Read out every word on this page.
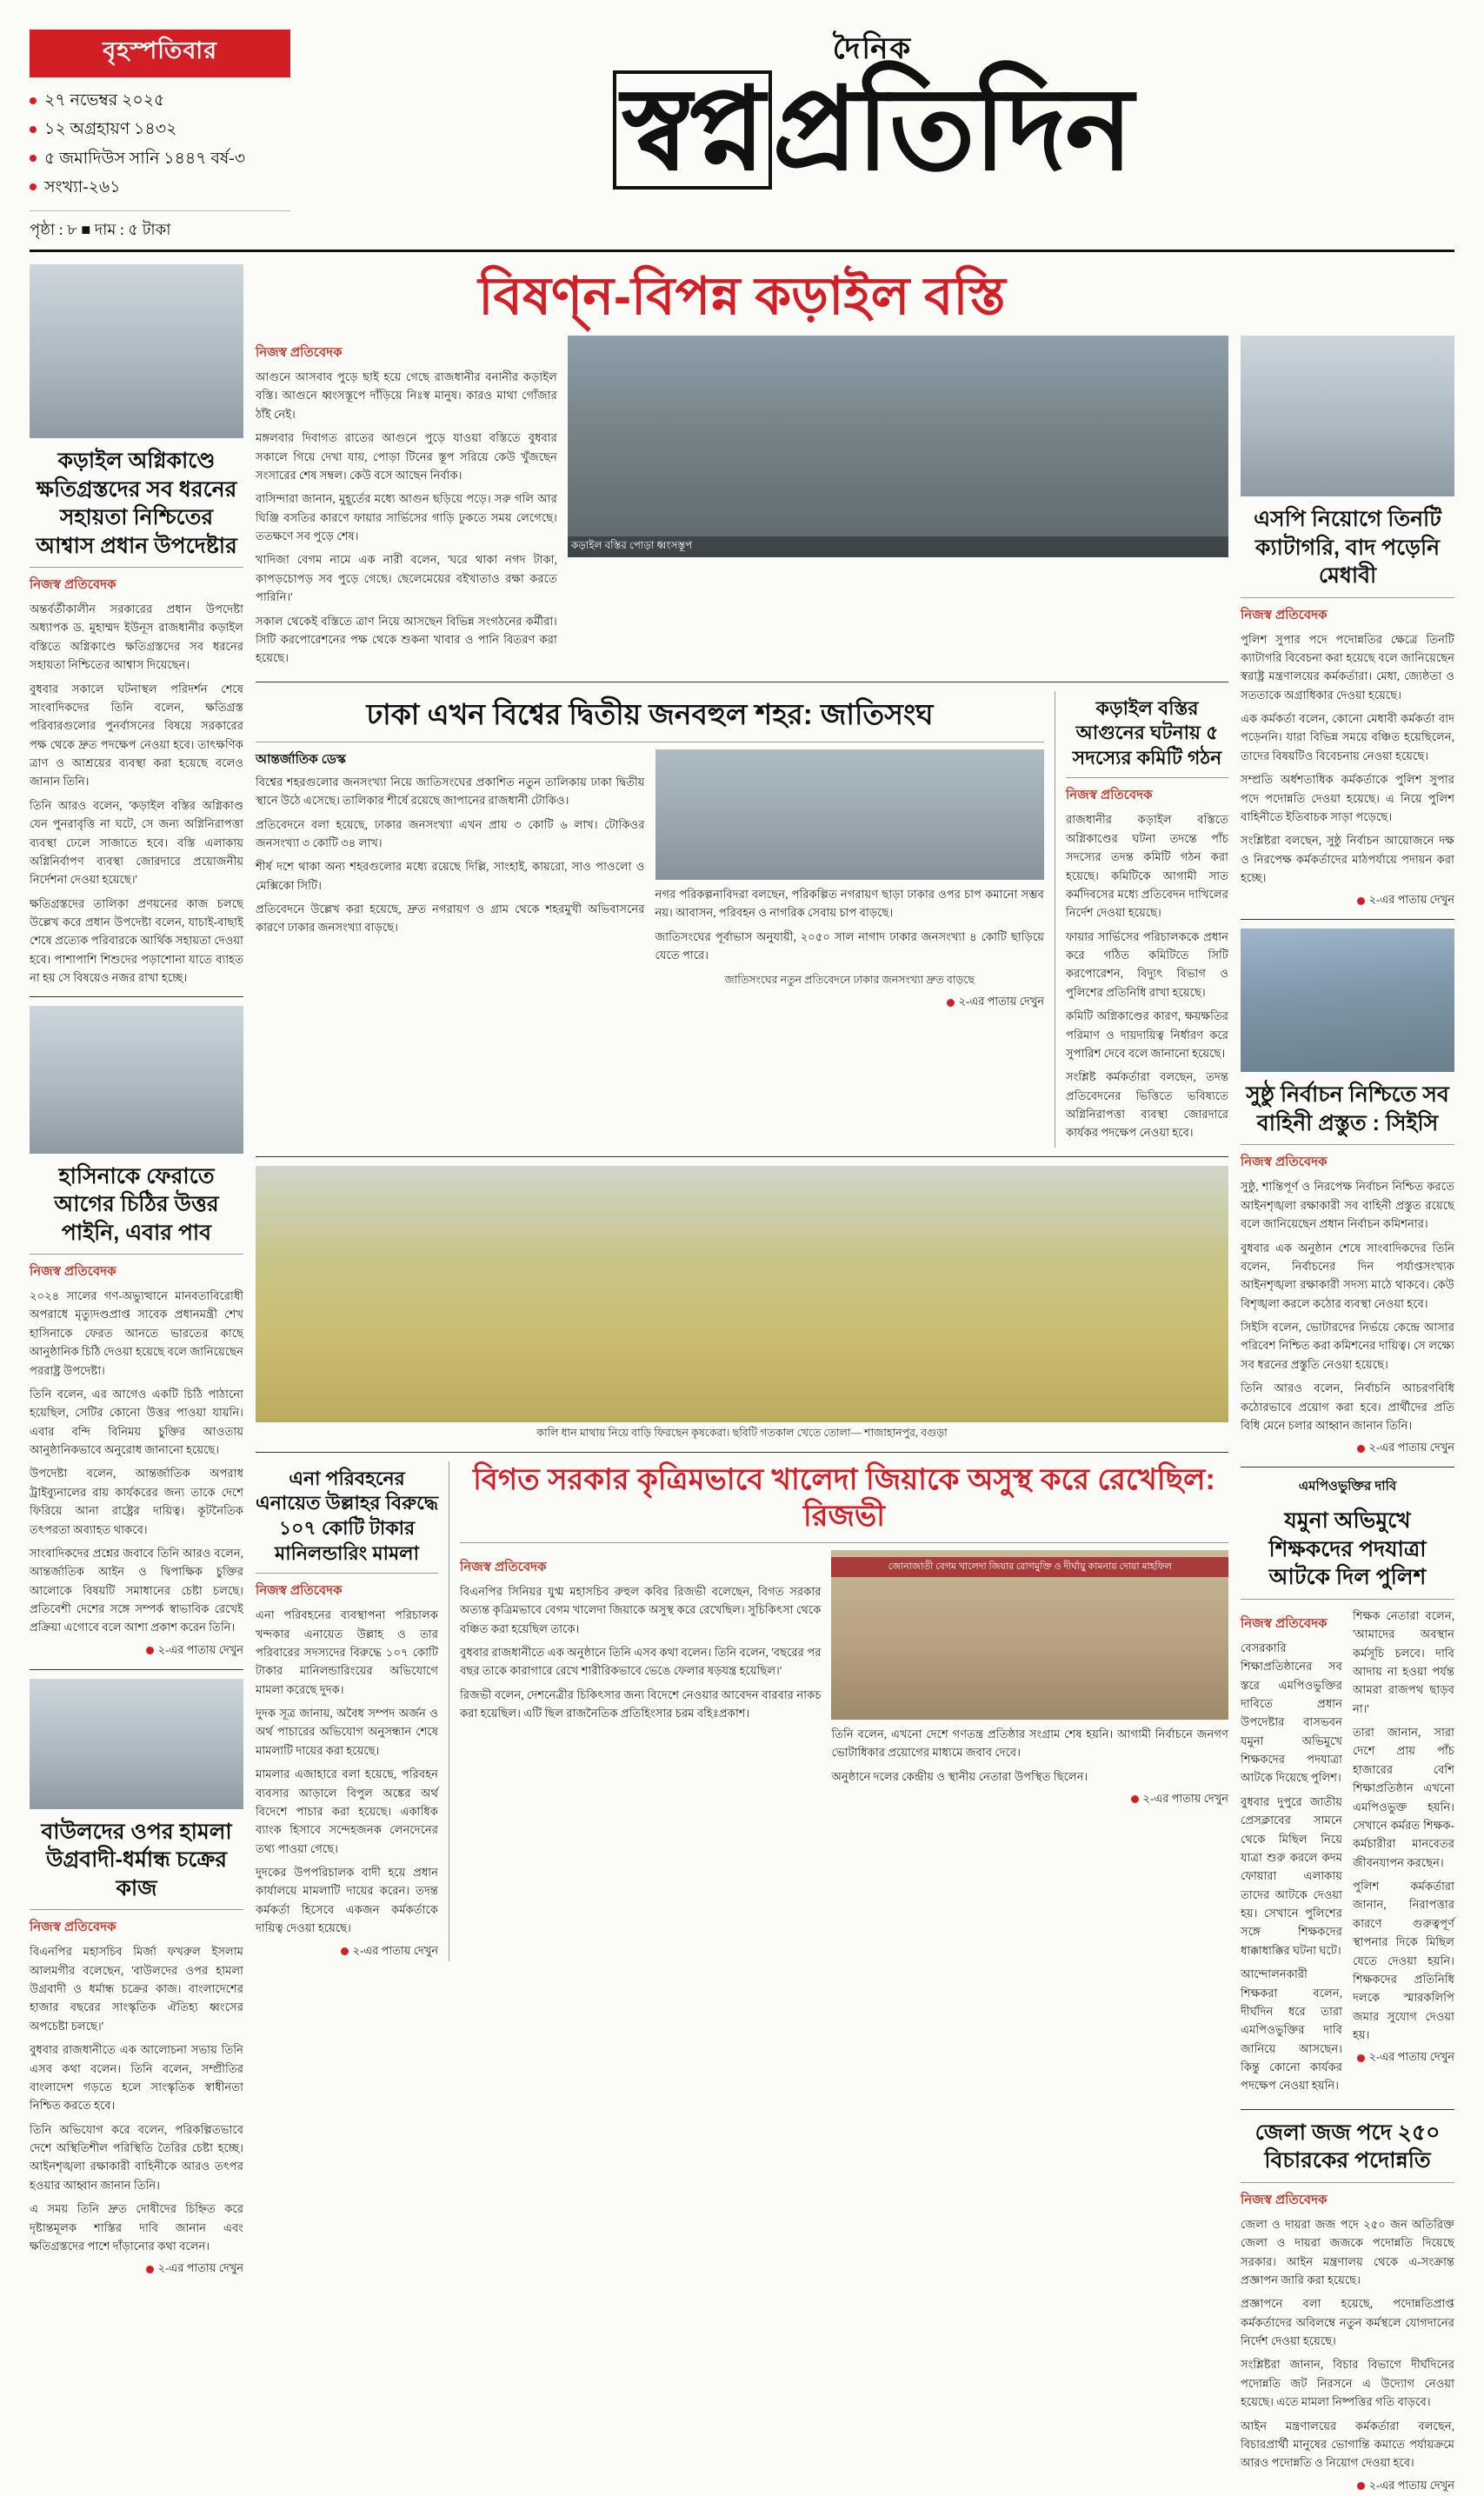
বৃহস্পতিবার
২৭ নভেম্বর ২০২৫
১২ অগ্রহায়ণ ১৪৩২
৫ জমাদিউস সানি ১৪৪৭ বর্ষ-৩
সংখ্যা-২৬১
পৃষ্ঠা : ৮ ■ দাম : ৫ টাকা
দৈনিক
স্বপ্নপ্রতিদিন
কড়াইল অগ্নিকাণ্ডে ক্ষতিগ্রস্তদের সব ধরনের সহায়তা নিশ্চিতের আশ্বাস প্রধান উপদেষ্টার
নিজস্ব প্রতিবেদক

অন্তর্বর্তীকালীন সরকারের প্রধান উপদেষ্টা অধ্যাপক ড. মুহাম্মদ ইউনূস রাজধানীর কড়াইল বস্তিতে অগ্নিকাণ্ডে ক্ষতিগ্রস্তদের সব ধরনের সহায়তা নিশ্চিতের আশ্বাস দিয়েছেন।

বুধবার সকালে ঘটনাস্থল পরিদর্শন শেষে সাংবাদিকদের তিনি বলেন, ক্ষতিগ্রস্ত পরিবারগুলোর পুনর্বাসনের বিষয়ে সরকারের পক্ষ থেকে দ্রুত পদক্ষেপ নেওয়া হবে। তাৎক্ষণিক ত্রাণ ও আশ্রয়ের ব্যবস্থা করা হয়েছে বলেও জানান তিনি।

তিনি আরও বলেন, 'কড়াইল বস্তির অগ্নিকাণ্ড যেন পুনরাবৃত্তি না ঘটে, সে জন্য অগ্নিনিরাপত্তা ব্যবস্থা ঢেলে সাজাতে হবে। বস্তি এলাকায় অগ্নিনির্বাপণ ব্যবস্থা জোরদারে প্রয়োজনীয় নির্দেশনা দেওয়া হয়েছে।'

ক্ষতিগ্রস্তদের তালিকা প্রণয়নের কাজ চলছে উল্লেখ করে প্রধান উপদেষ্টা বলেন, যাচাই-বাছাই শেষে প্রত্যেক পরিবারকে আর্থিক সহায়তা দেওয়া হবে। পাশাপাশি শিশুদের পড়াশোনা যাতে ব্যাহত না হয় সে বিষয়েও নজর রাখা হচ্ছে।

হাসিনাকে ফেরাতে আগের চিঠির উত্তর পাইনি, এবার পাব
নিজস্ব প্রতিবেদক

২০২৪ সালের গণ-অভ্যুত্থানে মানবতাবিরোধী অপরাধে মৃত্যুদণ্ডপ্রাপ্ত সাবেক প্রধানমন্ত্রী শেখ হাসিনাকে ফেরত আনতে ভারতের কাছে আনুষ্ঠানিক চিঠি দেওয়া হয়েছে বলে জানিয়েছেন পররাষ্ট্র উপদেষ্টা।

তিনি বলেন, এর আগেও একটি চিঠি পাঠানো হয়েছিল, সেটির কোনো উত্তর পাওয়া যায়নি। এবার বন্দি বিনিময় চুক্তির আওতায় আনুষ্ঠানিকভাবে অনুরোধ জানানো হয়েছে।

উপদেষ্টা বলেন, আন্তর্জাতিক অপরাধ ট্রাইব্যুনালের রায় কার্যকরের জন্য তাকে দেশে ফিরিয়ে আনা রাষ্ট্রের দায়িত্ব। কূটনৈতিক তৎপরতা অব্যাহত থাকবে।

সাংবাদিকদের প্রশ্নের জবাবে তিনি আরও বলেন, আন্তর্জাতিক আইন ও দ্বিপাক্ষিক চুক্তির আলোকে বিষয়টি সমাধানের চেষ্টা চলছে। প্রতিবেশী দেশের সঙ্গে সম্পর্ক স্বাভাবিক রেখেই প্রক্রিয়া এগোবে বলে আশা প্রকাশ করেন তিনি।

২-এর পাতায় দেখুন
বাউলদের ওপর হামলা উগ্রবাদী-ধর্মান্ধ চক্রের কাজ
নিজস্ব প্রতিবেদক

বিএনপির মহাসচিব মির্জা ফখরুল ইসলাম আলমগীর বলেছেন, 'বাউলদের ওপর হামলা উগ্রবাদী ও ধর্মান্ধ চক্রের কাজ। বাংলাদেশের হাজার বছরের সাংস্কৃতিক ঐতিহ্য ধ্বংসের অপচেষ্টা চলছে।'

বুধবার রাজধানীতে এক আলোচনা সভায় তিনি এসব কথা বলেন। তিনি বলেন, সম্প্রীতির বাংলাদেশ গড়তে হলে সাংস্কৃতিক স্বাধীনতা নিশ্চিত করতে হবে।

তিনি অভিযোগ করে বলেন, পরিকল্পিতভাবে দেশে অস্থিতিশীল পরিস্থিতি তৈরির চেষ্টা হচ্ছে। আইনশৃঙ্খলা রক্ষাকারী বাহিনীকে আরও তৎপর হওয়ার আহ্বান জানান তিনি।

এ সময় তিনি দ্রুত দোষীদের চিহ্নিত করে দৃষ্টান্তমূলক শাস্তির দাবি জানান এবং ক্ষতিগ্রস্তদের পাশে দাঁড়ানোর কথা বলেন।

২-এর পাতায় দেখুন
বিষণ্ন-বিপন্ন কড়াইল বস্তি
নিজস্ব প্রতিবেদক

আগুনে আসবাব পুড়ে ছাই হয়ে গেছে রাজধানীর বনানীর কড়াইল বস্তি। আগুনে ধ্বংসস্তূপে দাঁড়িয়ে নিঃস্ব মানুষ। কারও মাথা গোঁজার ঠাঁই নেই।

মঙ্গলবার দিবাগত রাতের আগুনে পুড়ে যাওয়া বস্তিতে বুধবার সকালে গিয়ে দেখা যায়, পোড়া টিনের স্তূপ সরিয়ে কেউ খুঁজছেন সংসারের শেষ সম্বল। কেউ বসে আছেন নির্বাক।

বাসিন্দারা জানান, মুহূর্তের মধ্যে আগুন ছড়িয়ে পড়ে। সরু গলি আর ঘিঞ্জি বসতির কারণে ফায়ার সার্ভিসের গাড়ি ঢুকতে সময় লেগেছে। ততক্ষণে সব পুড়ে শেষ।

খাদিজা বেগম নামে এক নারী বলেন, 'ঘরে থাকা নগদ টাকা, কাপড়চোপড় সব পুড়ে গেছে। ছেলেমেয়ের বইখাতাও রক্ষা করতে পারিনি।'

সকাল থেকেই বস্তিতে ত্রাণ নিয়ে আসছেন বিভিন্ন সংগঠনের কর্মীরা। সিটি করপোরেশনের পক্ষ থেকে শুকনা খাবার ও পানি বিতরণ করা হয়েছে।

কড়াইল বস্তির পোড়া ধ্বংসস্তূপ
ঢাকা এখন বিশ্বের দ্বিতীয় জনবহুল শহর: জাতিসংঘ
আন্তর্জাতিক ডেস্ক

বিশ্বের শহরগুলোর জনসংখ্যা নিয়ে জাতিসংঘের প্রকাশিত নতুন তালিকায় ঢাকা দ্বিতীয় স্থানে উঠে এসেছে। তালিকার শীর্ষে রয়েছে জাপানের রাজধানী টোকিও।

প্রতিবেদনে বলা হয়েছে, ঢাকার জনসংখ্যা এখন প্রায় ৩ কোটি ৬ লাখ। টোকিওর জনসংখ্যা ৩ কোটি ৩৪ লাখ।

শীর্ষ দশে থাকা অন্য শহরগুলোর মধ্যে রয়েছে দিল্লি, সাংহাই, কায়রো, সাও পাওলো ও মেক্সিকো সিটি।

প্রতিবেদনে উল্লেখ করা হয়েছে, দ্রুত নগরায়ণ ও গ্রাম থেকে শহরমুখী অভিবাসনের কারণে ঢাকার জনসংখ্যা বাড়ছে।

নগর পরিকল্পনাবিদরা বলছেন, পরিকল্পিত নগরায়ণ ছাড়া ঢাকার ওপর চাপ কমানো সম্ভব নয়। আবাসন, পরিবহন ও নাগরিক সেবায় চাপ বাড়ছে।

জাতিসংঘের পূর্বাভাস অনুযায়ী, ২০৫০ সাল নাগাদ ঢাকার জনসংখ্যা ৪ কোটি ছাড়িয়ে যেতে পারে।

জাতিসংঘের নতুন প্রতিবেদনে ঢাকার জনসংখ্যা দ্রুত বাড়ছে
২-এর পাতায় দেখুন
কড়াইল বস্তির আগুনের ঘটনায় ৫ সদস্যের কমিটি গঠন
নিজস্ব প্রতিবেদক

রাজধানীর কড়াইল বস্তিতে অগ্নিকাণ্ডের ঘটনা তদন্তে পাঁচ সদস্যের তদন্ত কমিটি গঠন করা হয়েছে। কমিটিকে আগামী সাত কর্মদিবসের মধ্যে প্রতিবেদন দাখিলের নির্দেশ দেওয়া হয়েছে।

ফায়ার সার্ভিসের পরিচালককে প্রধান করে গঠিত কমিটিতে সিটি করপোরেশন, বিদ্যুৎ বিভাগ ও পুলিশের প্রতিনিধি রাখা হয়েছে।

কমিটি অগ্নিকাণ্ডের কারণ, ক্ষয়ক্ষতির পরিমাণ ও দায়দায়িত্ব নির্ধারণ করে সুপারিশ দেবে বলে জানানো হয়েছে।

সংশ্লিষ্ট কর্মকর্তারা বলছেন, তদন্ত প্রতিবেদনের ভিত্তিতে ভবিষ্যতে অগ্নিনিরাপত্তা ব্যবস্থা জোরদারে কার্যকর পদক্ষেপ নেওয়া হবে।

কালি ধান মাথায় নিয়ে বাড়ি ফিরছেন কৃষকেরা। ছবিটি গতকাল খেতে তোলা— শাজাহানপুর, বগুড়া
এনা পরিবহনের এনায়েত উল্লাহর বিরুদ্ধে ১০৭ কোটি টাকার মানিলন্ডারিং মামলা
নিজস্ব প্রতিবেদক

এনা পরিবহনের ব্যবস্থাপনা পরিচালক খন্দকার এনায়েত উল্লাহ ও তার পরিবারের সদস্যদের বিরুদ্ধে ১০৭ কোটি টাকার মানিলন্ডারিংয়ের অভিযোগে মামলা করেছে দুদক।

দুদক সূত্র জানায়, অবৈধ সম্পদ অর্জন ও অর্থ পাচারের অভিযোগ অনুসন্ধান শেষে মামলাটি দায়ের করা হয়েছে।

মামলার এজাহারে বলা হয়েছে, পরিবহন ব্যবসার আড়ালে বিপুল অঙ্কের অর্থ বিদেশে পাচার করা হয়েছে। একাধিক ব্যাংক হিসাবে সন্দেহজনক লেনদেনের তথ্য পাওয়া গেছে।

দুদকের উপপরিচালক বাদী হয়ে প্রধান কার্যালয়ে মামলাটি দায়ের করেন। তদন্ত কর্মকর্তা হিসেবে একজন কর্মকর্তাকে দায়িত্ব দেওয়া হয়েছে।

২-এর পাতায় দেখুন
বিগত সরকার কৃত্রিমভাবে খালেদা জিয়াকে অসুস্থ করে রেখেছিল: রিজভী
নিজস্ব প্রতিবেদক

বিএনপির সিনিয়র যুগ্ম মহাসচিব রুহুল কবির রিজভী বলেছেন, বিগত সরকার অত্যন্ত কৃত্রিমভাবে বেগম খালেদা জিয়াকে অসুস্থ করে রেখেছিল। সুচিকিৎসা থেকে বঞ্চিত করা হয়েছিল তাকে।

বুধবার রাজধানীতে এক অনুষ্ঠানে তিনি এসব কথা বলেন। তিনি বলেন, 'বছরের পর বছর তাকে কারাগারে রেখে শারীরিকভাবে ভেঙে ফেলার ষড়যন্ত্র হয়েছিল।'

রিজভী বলেন, দেশনেত্রীর চিকিৎসার জন্য বিদেশে নেওয়ার আবেদন বারবার নাকচ করা হয়েছিল। এটি ছিল রাজনৈতিক প্রতিহিংসার চরম বহিঃপ্রকাশ।

জোনাজাতী বেগম খালেদা জিয়ার রোগমুক্তি ও দীর্ঘায়ু কামনায় দোয়া মাহফিল

তিনি বলেন, এখনো দেশে গণতন্ত্র প্রতিষ্ঠার সংগ্রাম শেষ হয়নি। আগামী নির্বাচনে জনগণ ভোটাধিকার প্রয়োগের মাধ্যমে জবাব দেবে।

অনুষ্ঠানে দলের কেন্দ্রীয় ও স্থানীয় নেতারা উপস্থিত ছিলেন।

২-এর পাতায় দেখুন
এসপি নিয়োগে তিনটি ক্যাটাগরি, বাদ পড়েনি মেধাবী
নিজস্ব প্রতিবেদক

পুলিশ সুপার পদে পদোন্নতির ক্ষেত্রে তিনটি ক্যাটাগরি বিবেচনা করা হয়েছে বলে জানিয়েছেন স্বরাষ্ট্র মন্ত্রণালয়ের কর্মকর্তারা। মেধা, জ্যেষ্ঠতা ও সততাকে অগ্রাধিকার দেওয়া হয়েছে।

এক কর্মকর্তা বলেন, কোনো মেধাবী কর্মকর্তা বাদ পড়েননি। যারা বিভিন্ন সময়ে বঞ্চিত হয়েছিলেন, তাদের বিষয়টিও বিবেচনায় নেওয়া হয়েছে।

সম্প্রতি অর্ধশতাধিক কর্মকর্তাকে পুলিশ সুপার পদে পদোন্নতি দেওয়া হয়েছে। এ নিয়ে পুলিশ বাহিনীতে ইতিবাচক সাড়া পড়েছে।

সংশ্লিষ্টরা বলছেন, সুষ্ঠু নির্বাচন আয়োজনে দক্ষ ও নিরপেক্ষ কর্মকর্তাদের মাঠপর্যায়ে পদায়ন করা হচ্ছে।

২-এর পাতায় দেখুন
সুষ্ঠু নির্বাচন নিশ্চিতে সব বাহিনী প্রস্তুত : সিইসি
নিজস্ব প্রতিবেদক

সুষ্ঠু, শান্তিপূর্ণ ও নিরপেক্ষ নির্বাচন নিশ্চিত করতে আইনশৃঙ্খলা রক্ষাকারী সব বাহিনী প্রস্তুত রয়েছে বলে জানিয়েছেন প্রধান নির্বাচন কমিশনার।

বুধবার এক অনুষ্ঠান শেষে সাংবাদিকদের তিনি বলেন, নির্বাচনের দিন পর্যাপ্তসংখ্যক আইনশৃঙ্খলা রক্ষাকারী সদস্য মাঠে থাকবে। কেউ বিশৃঙ্খলা করলে কঠোর ব্যবস্থা নেওয়া হবে।

সিইসি বলেন, ভোটারদের নির্ভয়ে কেন্দ্রে আসার পরিবেশ নিশ্চিত করা কমিশনের দায়িত্ব। সে লক্ষ্যে সব ধরনের প্রস্তুতি নেওয়া হয়েছে।

তিনি আরও বলেন, নির্বাচনি আচরণবিধি কঠোরভাবে প্রয়োগ করা হবে। প্রার্থীদের প্রতি বিধি মেনে চলার আহ্বান জানান তিনি।

২-এর পাতায় দেখুন
এমপিওভুক্তির দাবি
যমুনা অভিমুখে শিক্ষকদের পদযাত্রা আটকে দিল পুলিশ
নিজস্ব প্রতিবেদক

বেসরকারি শিক্ষাপ্রতিষ্ঠানের সব স্তরে এমপিওভুক্তির দাবিতে প্রধান উপদেষ্টার বাসভবন যমুনা অভিমুখে শিক্ষকদের পদযাত্রা আটকে দিয়েছে পুলিশ।

বুধবার দুপুরে জাতীয় প্রেসক্লাবের সামনে থেকে মিছিল নিয়ে যাত্রা শুরু করলে কদম ফোয়ারা এলাকায় তাদের আটকে দেওয়া হয়। সেখানে পুলিশের সঙ্গে শিক্ষকদের ধাক্কাধাক্কির ঘটনা ঘটে।

আন্দোলনকারী শিক্ষকরা বলেন, দীর্ঘদিন ধরে তারা এমপিওভুক্তির দাবি জানিয়ে আসছেন। কিন্তু কোনো কার্যকর পদক্ষেপ নেওয়া হয়নি।

শিক্ষক নেতারা বলেন, 'আমাদের অবস্থান কর্মসূচি চলবে। দাবি আদায় না হওয়া পর্যন্ত আমরা রাজপথ ছাড়ব না।'

তারা জানান, সারা দেশে প্রায় পাঁচ হাজারের বেশি শিক্ষাপ্রতিষ্ঠান এখনো এমপিওভুক্ত হয়নি। সেখানে কর্মরত শিক্ষক-কর্মচারীরা মানবেতর জীবনযাপন করছেন।

পুলিশ কর্মকর্তারা জানান, নিরাপত্তার কারণে গুরুত্বপূর্ণ স্থাপনার দিকে মিছিল যেতে দেওয়া হয়নি। শিক্ষকদের প্রতিনিধি দলকে স্মারকলিপি জমার সুযোগ দেওয়া হয়।

২-এর পাতায় দেখুন
জেলা জজ পদে ২৫০ বিচারকের পদোন্নতি
নিজস্ব প্রতিবেদক

জেলা ও দায়রা জজ পদে ২৫০ জন অতিরিক্ত জেলা ও দায়রা জজকে পদোন্নতি দিয়েছে সরকার। আইন মন্ত্রণালয় থেকে এ-সংক্রান্ত প্রজ্ঞাপন জারি করা হয়েছে।

প্রজ্ঞাপনে বলা হয়েছে, পদোন্নতিপ্রাপ্ত কর্মকর্তাদের অবিলম্বে নতুন কর্মস্থলে যোগদানের নির্দেশ দেওয়া হয়েছে।

সংশ্লিষ্টরা জানান, বিচার বিভাগে দীর্ঘদিনের পদোন্নতি জট নিরসনে এ উদ্যোগ নেওয়া হয়েছে। এতে মামলা নিষ্পত্তির গতি বাড়বে।

আইন মন্ত্রণালয়ের কর্মকর্তারা বলছেন, বিচারপ্রার্থী মানুষের ভোগান্তি কমাতে পর্যায়ক্রমে আরও পদোন্নতি ও নিয়োগ দেওয়া হবে।

২-এর পাতায় দেখুন
